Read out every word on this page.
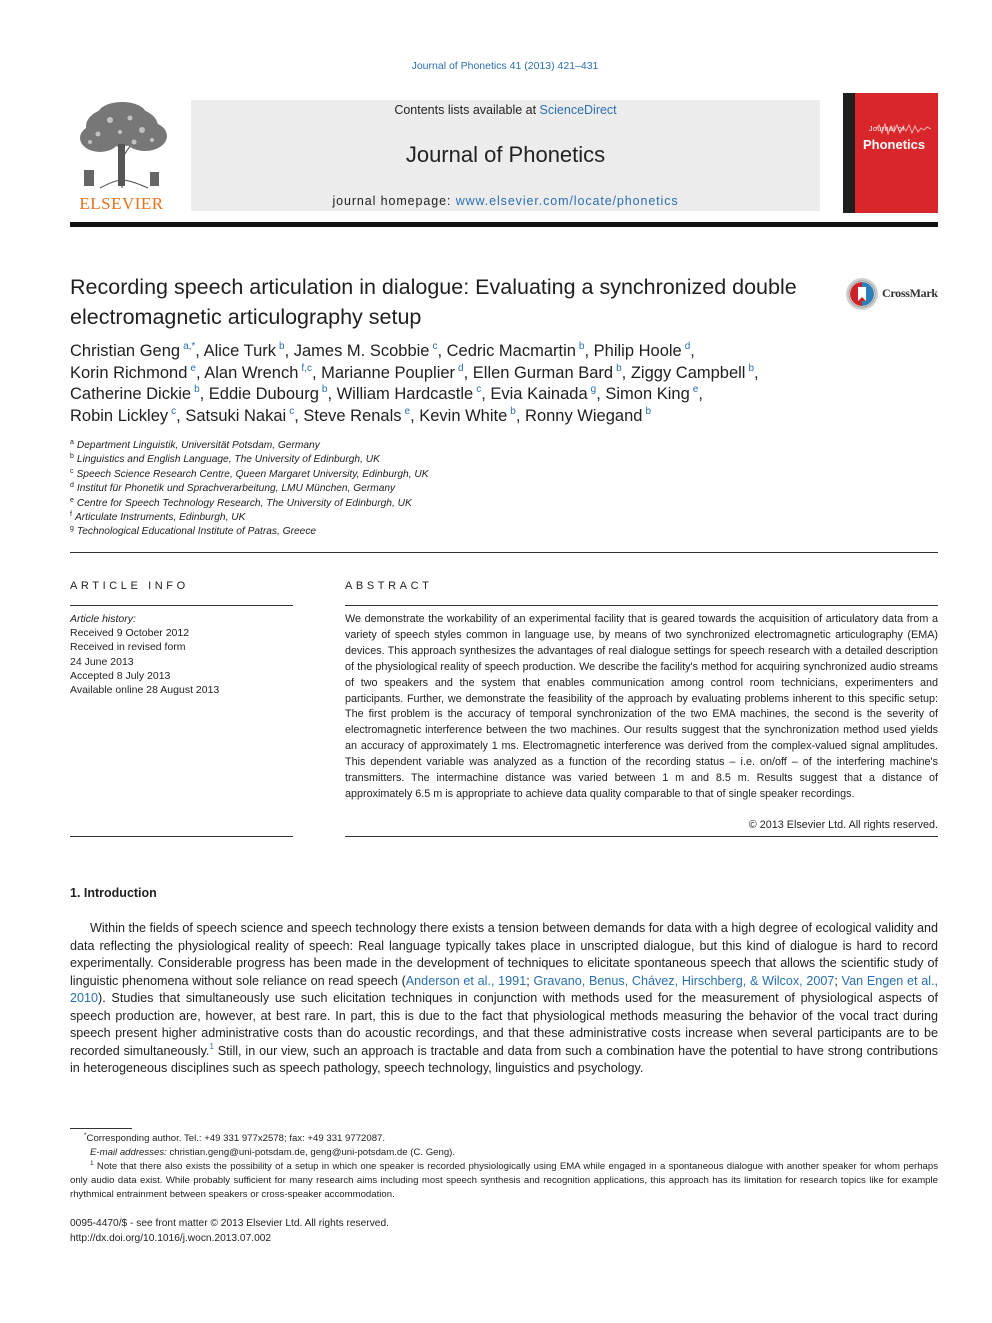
Journal of Phonetics 41 (2013) 421–431
ELSEVIER
Contents lists available at ScienceDirect
Journal of Phonetics
journal homepage: www.elsevier.com/locate/phonetics
Journal of
Phonetics
Recording speech articulation in dialogue: Evaluating a synchronized double
electromagnetic articulography setup
CrossMark
Christian Geng $^{a,*}$, Alice Turk $^b$, James M. Scobbie $^c$, Cedric Macmartin $^b$, Philip Hoole $^d$,
Korin Richmond $^e$, Alan Wrench $^{f,c}$, Marianne Pouplier $^d$, Ellen Gurman Bard $^b$, Ziggy Campbell $^b$,
Catherine Dickie $^b$, Eddie Dubourg $^b$, William Hardcastle $^c$, Evia Kainada $^g$, Simon King $^e$,
Robin Lickley $^c$, Satsuki Nakai $^c$, Steve Renals $^e$, Kevin White $^b$, Ronny Wiegand $^b$
$^a$ Department Linguistik, Universität Potsdam, Germany
$^b$ Linguistics and English Language, The University of Edinburgh, UK
$^c$ Speech Science Research Centre, Queen Margaret University, Edinburgh, UK
$^d$ Institut für Phonetik und Sprachverarbeitung, LMU München, Germany
$^e$ Centre for Speech Technology Research, The University of Edinburgh, UK
$^f$ Articulate Instruments, Edinburgh, UK
$^g$ Technological Educational Institute of Patras, Greece
ARTICLE INFO
Article history:
Received 9 October 2012
Received in revised form
24 June 2013
Accepted 8 July 2013
Available online 28 August 2013
ABSTRACT
We demonstrate the workability of an experimental facility that is geared towards the acquisition of articulatory data from a variety of speech styles common in language use, by means of two synchronized electromagnetic articulography (EMA) devices. This approach synthesizes the advantages of real dialogue settings for speech research with a detailed description of the physiological reality of speech production. We describe the facility's method for acquiring synchronized audio streams of two speakers and the system that enables communication among control room technicians, experimenters and participants. Further, we demonstrate the feasibility of the approach by evaluating problems inherent to this specific setup: The first problem is the accuracy of temporal synchronization of the two EMA machines, the second is the severity of electromagnetic interference between the two machines. Our results suggest that the synchronization method used yields an accuracy of approximately 1 ms. Electromagnetic interference was derived from the complex-valued signal amplitudes. This dependent variable was analyzed as a function of the recording status – i.e. on/off – of the interfering machine's transmitters. The intermachine distance was varied between 1 m and 8.5 m. Results suggest that a distance of approximately 6.5 m is appropriate to achieve data quality comparable to that of single speaker recordings.
© 2013 Elsevier Ltd. All rights reserved.
1. Introduction
Within the fields of speech science and speech technology there exists a tension between demands for data with a high degree of ecological validity and data reflecting the physiological reality of speech: Real language typically takes place in unscripted dialogue, but this kind of dialogue is hard to record experimentally. Considerable progress has been made in the development of techniques to elicitate spontaneous speech that allows the scientific study of linguistic phenomena without sole reliance on read speech (Anderson et al., 1991; Gravano, Benus, Chávez, Hirschberg, & Wilcox, 2007; Van Engen et al., 2010). Studies that simultaneously use such elicitation techniques in conjunction with methods used for the measurement of physiological aspects of speech production are, however, at best rare. In part, this is due to the fact that physiological methods measuring the behavior of the vocal tract during speech present higher administrative costs than do acoustic recordings, and that these administrative costs increase when several participants are to be recorded simultaneously.$^1$ Still, in our view, such an approach is tractable and data from such a combination have the potential to have strong contributions in heterogeneous disciplines such as speech pathology, speech technology, linguistics and psychology.
*Corresponding author. Tel.: +49 331 977x2578; fax: +49 331 9772087.
E-mail addresses: christian.geng@uni-potsdam.de, geng@uni-potsdam.de (C. Geng).
$^1$ Note that there also exists the possibility of a setup in which one speaker is recorded physiologically using EMA while engaged in a spontaneous dialogue with another speaker for whom perhaps only audio data exist. While probably sufficient for many research aims including most speech synthesis and recognition applications, this approach has its limitation for research topics like for example rhythmical entrainment between speakers or cross-speaker accommodation.
0095-4470/$ - see front matter © 2013 Elsevier Ltd. All rights reserved.
http://dx.doi.org/10.1016/j.wocn.2013.07.002
